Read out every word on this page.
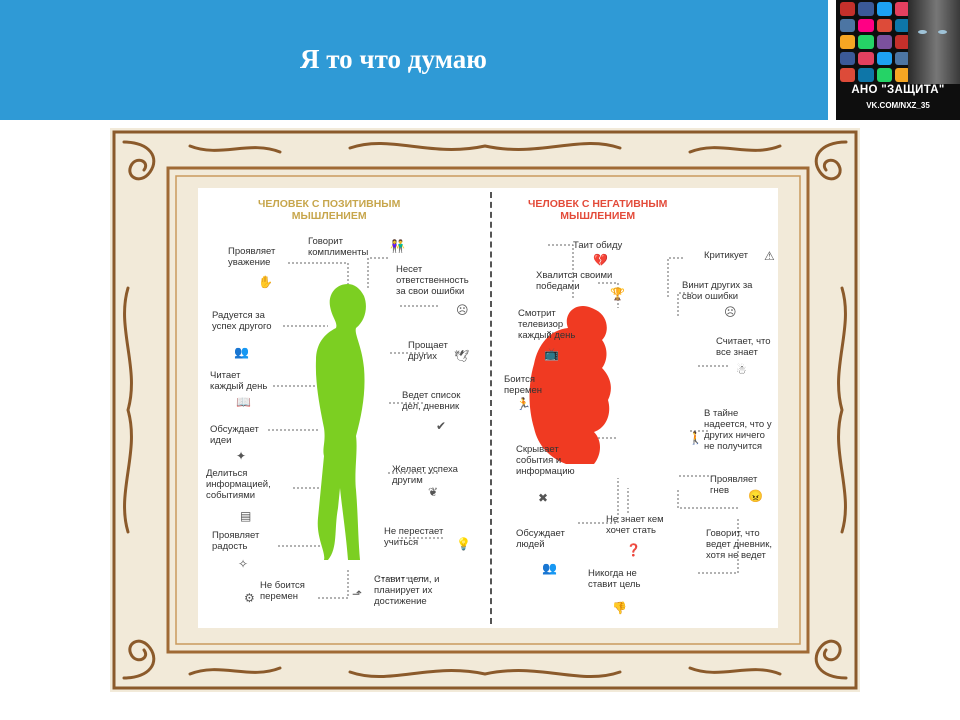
Я то что думаю
АНО "ЗАЩИТА"
VK.COM/NXZ_35
ЧЕЛОВЕК С ПОЗИТИВНЫМ
МЫШЛЕНИЕМ
ЧЕЛОВЕК С НЕГАТИВНЫМ
МЫШЛЕНИЕМ
Проявляет
уважение
Говорит
комплименты
Несет
ответственность
за свои ошибки
Радуется за
успех другого
Прощает
других
Читает
каждый день
Ведет список
дел, дневник
Обсуждает
идеи
Делиться
информацией,
событиями
Желает успеха
другим
Проявляет
радость
Не перестает
учиться
Не боится
перемен
Ставит цели, и
планирует их
достижение
Таит обиду
Критикует
Хвалится своими
победами	Винит других за
свои ошибки
Смотрит
телевизор
каждый день
Считает, что
все знает
Боится
перемен
В тайне
надеется, что у
других ничего
не получится
Скрывает
события и
информацию
Проявляет
гнев
Обсуждает
людей
Не знает кем
хочет стать	Говорит, что
ведет дневник,
хотя не ведет
Никогда не
ставит цель
✋
👫
☹
👥	🕊
📖
✔
✦
▤
❦
✧
💡
⚙	⬏
💔	⚠
🏆
☹
📺
☃
🏃
🚶
✖	😠
👥
❓
👎
